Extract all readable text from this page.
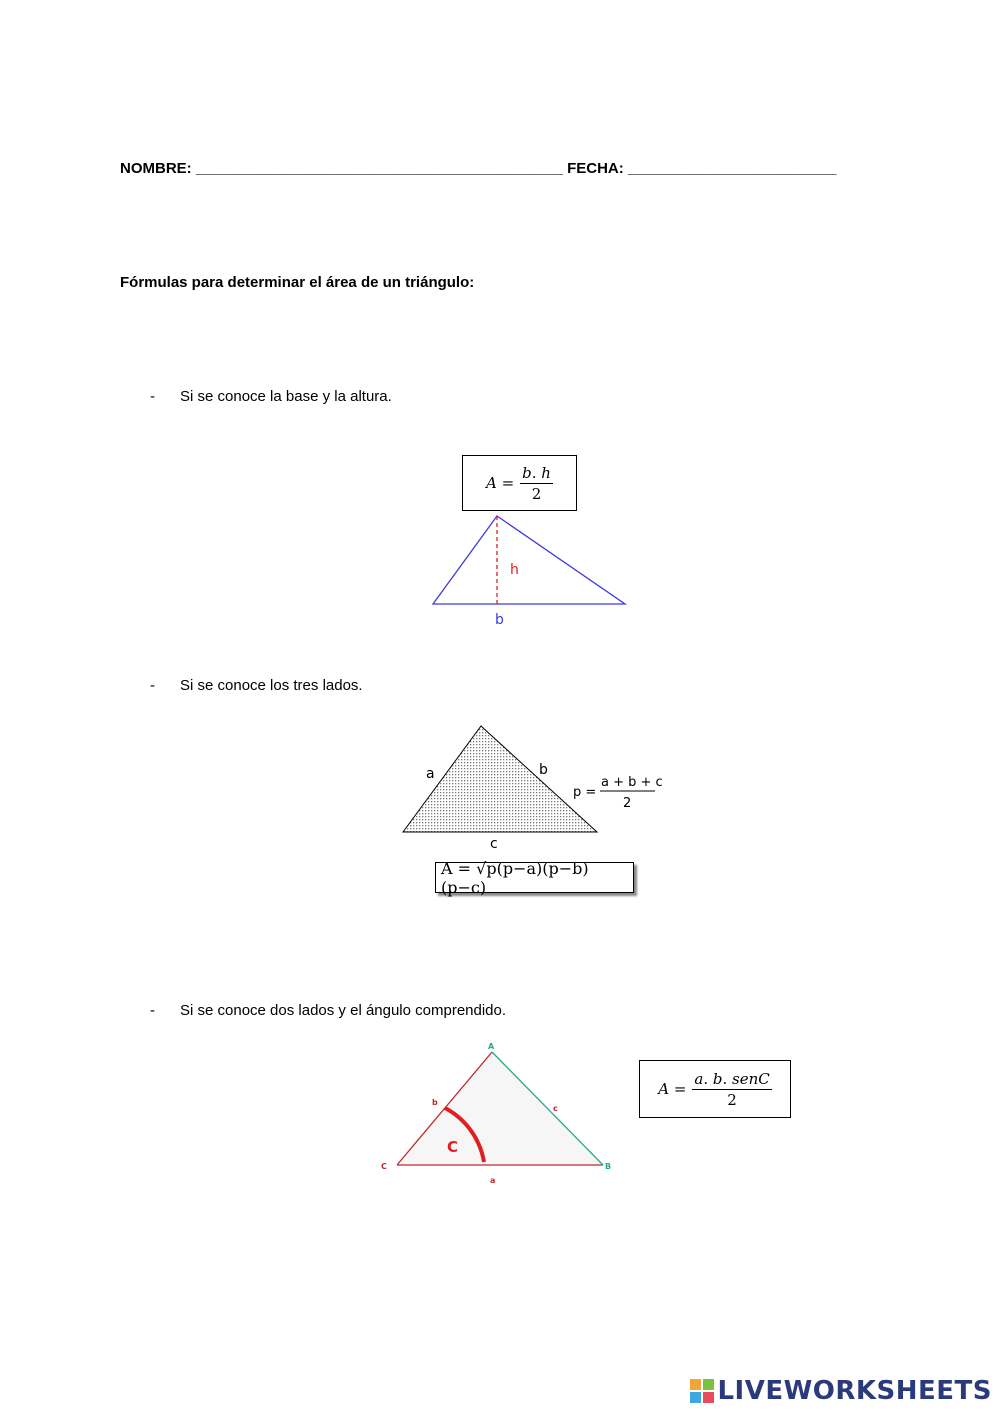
NOMBRE: ____________________________________________ FECHA: _________________________
Fórmulas para determinar el área de un triángulo:
- Si se conoce la base y la altura.
$A = \frac{b. h}{2}$
h
b
- Si se conoce los tres lados.
a	b
c
p =
a + b + c
2
A = √p(p−a)(p−b)(p−c)
- Si se conoce dos lados y el ángulo comprendido.
C
A
B
C
b
a
c
$A = \frac{\text{a. b. senC}}{2}$
LIVEWORKSHEETS
